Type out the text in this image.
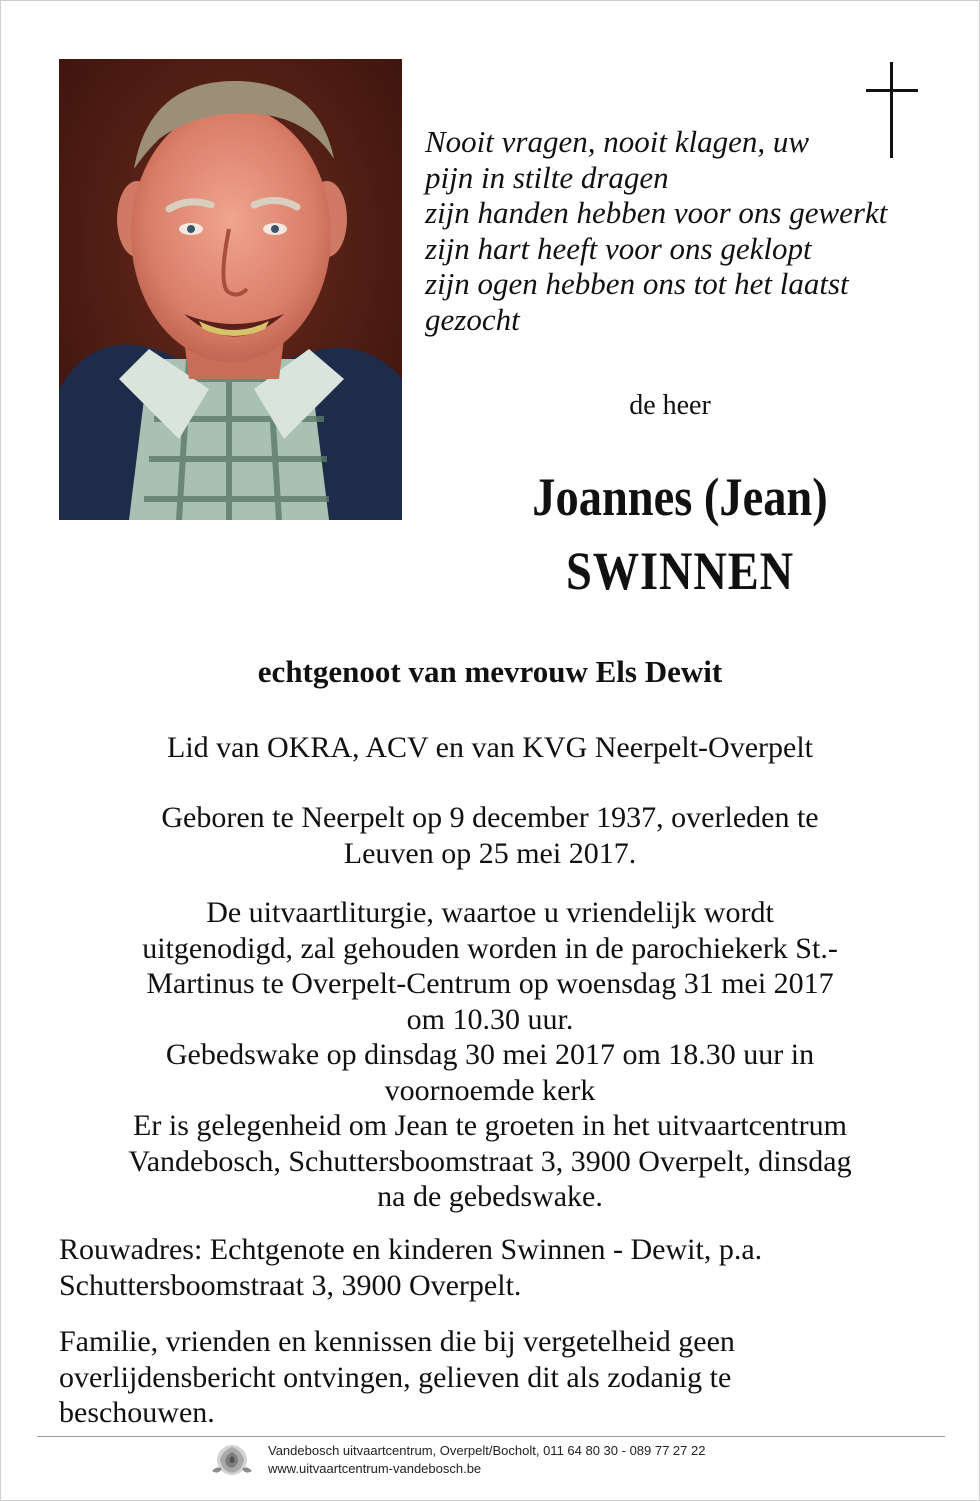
Nooit vragen, nooit klagen, uw
pijn in stilte dragen
zijn handen hebben voor ons gewerkt
zijn hart heeft voor ons geklopt
zijn ogen hebben ons tot het laatst
gezocht
de heer
Joannes (Jean)
SWINNEN
echtgenoot van mevrouw Els Dewit
Lid van OKRA, ACV en van KVG Neerpelt-Overpelt
Geboren te Neerpelt op 9 december 1937, overleden te
Leuven op 25 mei 2017.
De uitvaartliturgie, waartoe u vriendelijk wordt
uitgenodigd, zal gehouden worden in de parochiekerk St.-
Martinus te Overpelt-Centrum op woensdag 31 mei 2017
om 10.30 uur.
Gebedswake op dinsdag 30 mei 2017 om 18.30 uur in
voornoemde kerk
Er is gelegenheid om Jean te groeten in het uitvaartcentrum
Vandebosch, Schuttersboomstraat 3, 3900 Overpelt, dinsdag
na de gebedswake.
Rouwadres: Echtgenote en kinderen Swinnen - Dewit, p.a.
Schuttersboomstraat 3, 3900 Overpelt.
Familie, vrienden en kennissen die bij vergetelheid geen
overlijdensbericht ontvingen, gelieven dit als zodanig te
beschouwen.
Vandebosch uitvaartcentrum, Overpelt/Bocholt, 011 64 80 30 - 089 77 27 22
www.uitvaartcentrum-vandebosch.be
